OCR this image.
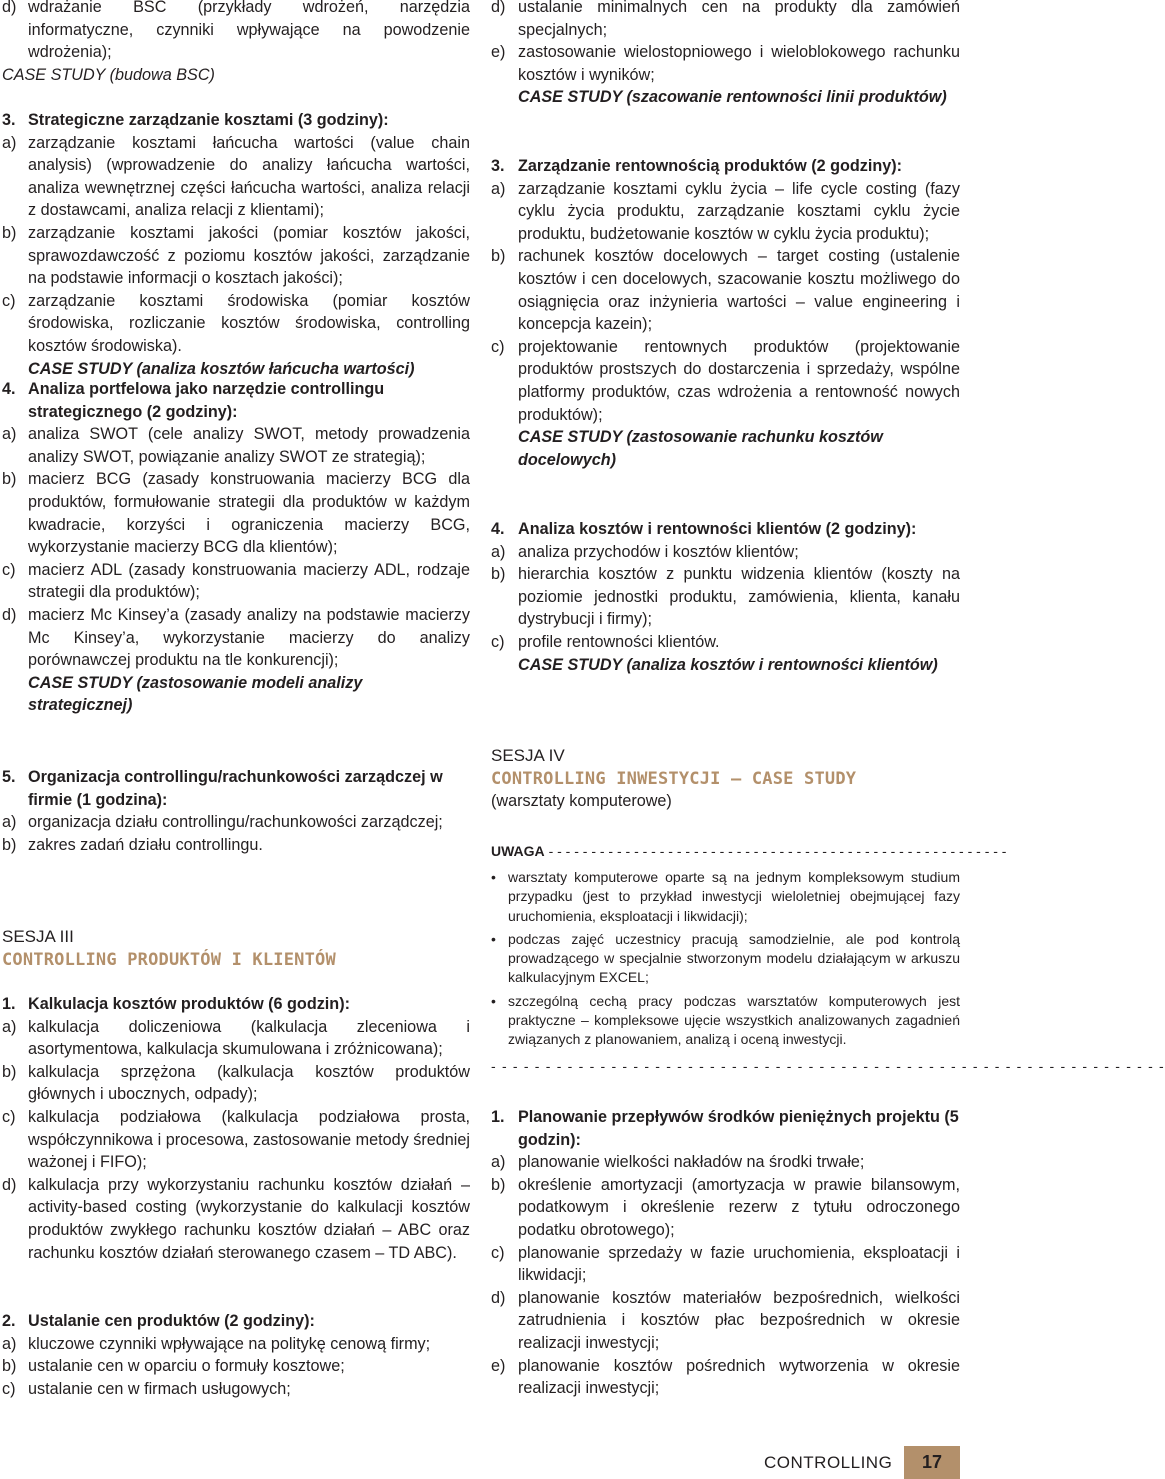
d) wdrażanie BSC (przykłady wdrożeń, narzędzia informatyczne, czynniki wpływające na powodzenie wdrożenia);
CASE STUDY (budowa BSC)
3. Strategiczne zarządzanie kosztami (3 godziny):
a) zarządzanie kosztami łańcucha wartości (value chain analysis) (wprowadzenie do analizy łańcucha wartości, analiza wewnętrznej części łańcucha wartości, analiza relacji z dostawcami, analiza relacji z klientami);
b) zarządzanie kosztami jakości (pomiar kosztów jakości, sprawozdawczość z poziomu kosztów jakości, zarządzanie na podstawie informacji o kosztach jakości);
c) zarządzanie kosztami środowiska (pomiar kosztów środowiska, rozliczanie kosztów środowiska, controlling kosztów środowiska).
CASE STUDY (analiza kosztów łańcucha wartości)
4. Analiza portfelowa jako narzędzie controllingu strategicznego (2 godziny):
a) analiza SWOT (cele analizy SWOT, metody prowadzenia analizy SWOT, powiązanie analizy SWOT ze strategią);
b) macierz BCG (zasady konstruowania macierzy BCG dla produktów, formułowanie strategii dla produktów w każdym kwadracie, korzyści i ograniczenia macierzy BCG, wykorzystanie macierzy BCG dla klientów);
c) macierz ADL (zasady konstruowania macierzy ADL, rodzaje strategii dla produktów);
d) macierz Mc Kinsey’a (zasady analizy na podstawie macierzy Mc Kinsey’a, wykorzystanie macierzy do analizy porównawczej produktu na tle konkurencji);
CASE STUDY (zastosowanie modeli analizy strategicznej)
5. Organizacja controllingu/rachunkowości zarządczej w firmie (1 godzina):
a) organizacja działu controllingu/rachunkowości zarządczej;
b) zakres zadań działu controllingu.
SESJA III
CONTROLLING PRODUKTÓW I KLIENTÓW
1. Kalkulacja kosztów produktów (6 godzin):
a) kalkulacja doliczeniowa (kalkulacja zleceniowa i asortymentowa, kalkulacja skumulowana i zróżnicowana);
b) kalkulacja sprzężona (kalkulacja kosztów produktów głównych i ubocznych, odpady);
c) kalkulacja podziałowa (kalkulacja podziałowa prosta, współczynnikowa i procesowa, zastosowanie metody średniej ważonej i FIFO);
d) kalkulacja przy wykorzystaniu rachunku kosztów działań – activity-based costing (wykorzystanie do kalkulacji kosztów produktów zwykłego rachunku kosztów działań – ABC oraz rachunku kosztów działań sterowanego czasem – TD ABC).
2. Ustalanie cen produktów (2 godziny):
a) kluczowe czynniki wpływające na politykę cenową firmy;
b) ustalanie cen w oparciu o formuły kosztowe;
c) ustalanie cen w firmach usługowych;
d) ustalanie minimalnych cen na produkty dla zamówień specjalnych;
e) zastosowanie wielostopniowego i wieloblokowego rachunku kosztów i wyników;
CASE STUDY (szacowanie rentowności linii produktów)
3. Zarządzanie rentownością produktów (2 godziny):
a) zarządzanie kosztami cyklu życia – life cycle costing (fazy cyklu życia produktu, zarządzanie kosztami cyklu życie produktu, budżetowanie kosztów w cyklu życia produktu);
b) rachunek kosztów docelowych – target costing (ustalenie kosztów i cen docelowych, szacowanie kosztu możliwego do osiągnięcia oraz inżynieria wartości – value engineering i koncepcja kazein);
c) projektowanie rentownych produktów (projektowanie produktów prostszych do dostarczenia i sprzedaży, wspólne platformy produktów, czas wdrożenia a rentowność nowych produktów);
CASE STUDY (zastosowanie rachunku kosztów docelowych)
4. Analiza kosztów i rentowności klientów (2 godziny):
a) analiza przychodów i kosztów klientów;
b) hierarchia kosztów z punktu widzenia klientów (koszty na poziomie jednostki produktu, zamówienia, klienta, kanału dystrybucji i firmy);
c) profile rentowności klientów.
CASE STUDY (analiza kosztów i rentowności klientów)
SESJA IV
CONTROLLING INWESTYCJI – CASE STUDY
(warsztaty komputerowe)
UWAGA - - - - - - - - - - - - - - - - - - - - - - - - - - - - - - - - - - - - - - - - - - - - - - - - - - - - - -
• warsztaty komputerowe oparte są na jednym kompleksowym studium przypadku (jest to przykład inwestycji wieloletniej obejmującej fazy uruchomienia, eksploatacji i likwidacji);
• podczas zajęć uczestnicy pracują samodzielnie, ale pod kontrolą prowadzącego w specjalnie stworzonym modelu działającym w arkuszu kalkulacyjnym EXCEL;
• szczególną cechą pracy podczas warsztatów komputerowych jest praktyczne – kompleksowe ujęcie wszystkich analizowanych zagadnień związanych z planowaniem, analizą i oceną inwestycji.
- - - - - - - - - - - - - - - - - - - - - - - - - - - - - - - - - - - - - - - - - - - - - - - - - - - - - - - - - - - - - -
1. Planowanie przepływów środków pieniężnych projektu (5 godzin):
a) planowanie wielkości nakładów na środki trwałe;
b) określenie amortyzacji (amortyzacja w prawie bilansowym, podatkowym i określenie rezerw z tytułu odroczonego podatku obrotowego);
c) planowanie sprzedaży w fazie uruchomienia, eksploatacji i likwidacji;
d) planowanie kosztów materiałów bezpośrednich, wielkości zatrudnienia i kosztów płac bezpośrednich w okresie realizacji inwestycji;
e) planowanie kosztów pośrednich wytworzenia w okresie realizacji inwestycji;
CONTROLLING	17
